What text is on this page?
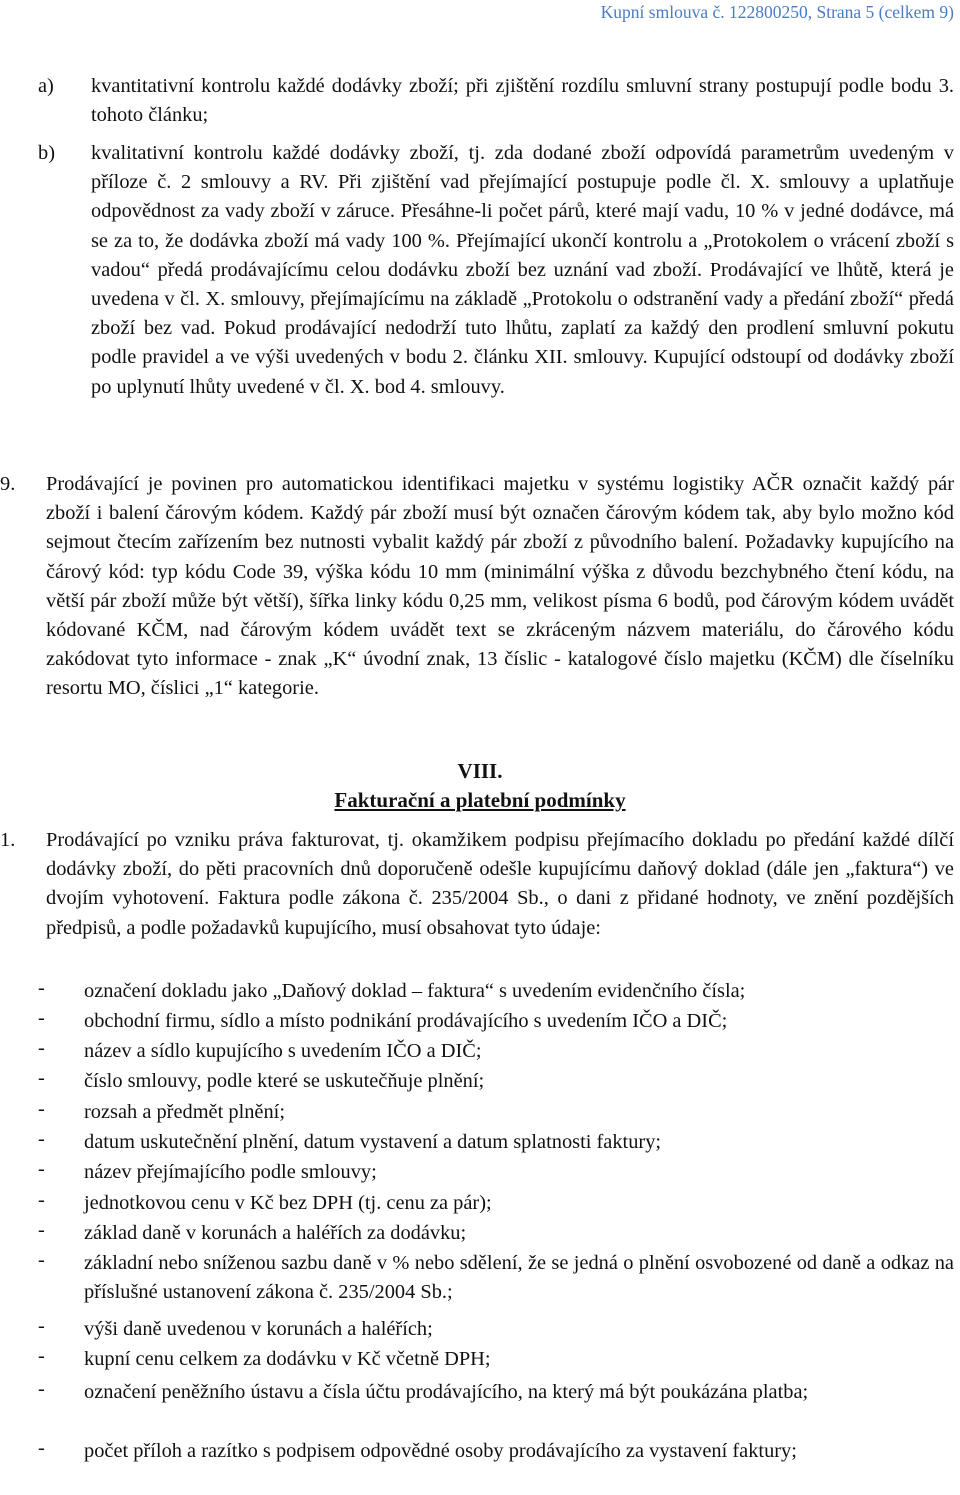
Kupní smlouva č. 122800250, Strana 5 (celkem 9)
a) kvantitativní kontrolu každé dodávky zboží; při zjištění rozdílu smluvní strany postupují podle bodu 3. tohoto článku;
b) kvalitativní kontrolu každé dodávky zboží, tj. zda dodané zboží odpovídá parametrům uvedeným v příloze č. 2 smlouvy a RV. Při zjištění vad přejímající postupuje podle čl. X. smlouvy a uplatňuje odpovědnost za vady zboží v záruce. Přesáhne-li počet párů, které mají vadu, 10 % v jedné dodávce, má se za to, že dodávka zboží má vady 100 %. Přejímající ukončí kontrolu a „Protokolem o vrácení zboží s vadou“ předá prodávajícímu celou dodávku zboží bez uznání vad zboží. Prodávající ve lhůtě, která je uvedena v čl. X. smlouvy, přejímajícímu na základě „Protokolu o odstranění vady a předání zboží“ předá zboží bez vad. Pokud prodávající nedodrží tuto lhůtu, zaplatí za každý den prodlení smluvní pokutu podle pravidel a ve výši uvedených v bodu 2. článku XII. smlouvy. Kupující odstoupí od dodávky zboží po uplynutí lhůty uvedené v čl. X. bod 4. smlouvy.
9. Prodávající je povinen pro automatickou identifikaci majetku v systému logistiky AČR označit každý pár zboží i balení čárovým kódem. Každý pár zboží musí být označen čárovým kódem tak, aby bylo možno kód sejmout čtecím zařízením bez nutnosti vybalit každý pár zboží z původního balení. Požadavky kupujícího na čárový kód: typ kódu Code 39, výška kódu 10 mm (minimální výška z důvodu bezchybného čtení kódu, na větší pár zboží může být větší), šířka linky kódu 0,25 mm, velikost písma 6 bodů, pod čárovým kódem uvádět kódované KČM, nad čárovým kódem uvádět text se zkráceným názvem materiálu, do čárového kódu zakódovat tyto informace - znak „K“ úvodní znak, 13 číslic - katalogové číslo majetku (KČM) dle číselníku resortu MO, číslici „1“ kategorie.
VIII.
Fakturační a platební podmínky
1. Prodávající po vzniku práva fakturovat, tj. okamžikem podpisu přejímacího dokladu po předání každé dílčí dodávky zboží, do pěti pracovních dnů doporučeně odešle kupujícímu daňový doklad (dále jen „faktura“) ve dvojím vyhotovení. Faktura podle zákona č. 235/2004 Sb., o dani z přidané hodnoty, ve znění pozdějších předpisů, a podle požadavků kupujícího, musí obsahovat tyto údaje:
- označení dokladu jako „Daňový doklad – faktura“ s uvedením evidenčního čísla;
- obchodní firmu, sídlo a místo podnikání prodávajícího s uvedením IČO a DIČ;
- název a sídlo kupujícího s uvedením IČO a DIČ;
- číslo smlouvy, podle které se uskutečňuje plnění;
- rozsah a předmět plnění;
- datum uskutečnění plnění, datum vystavení a datum splatnosti faktury;
- název přejímajícího podle smlouvy;
- jednotkovou cenu v Kč bez DPH (tj. cenu za pár);
- základ daně v korunách a haléřích za dodávku;
- základní nebo sníženou sazbu daně v % nebo sdělení, že se jedná o plnění osvobozené od daně a odkaz na příslušné ustanovení zákona č. 235/2004 Sb.;
- výši daně uvedenou v korunách a haléřích;
- kupní cenu celkem za dodávku v Kč včetně DPH;
- označení peněžního ústavu a čísla účtu prodávajícího, na který má být poukázána platba;
- počet příloh a razítko s podpisem odpovědné osoby prodávajícího za vystavení faktury;
